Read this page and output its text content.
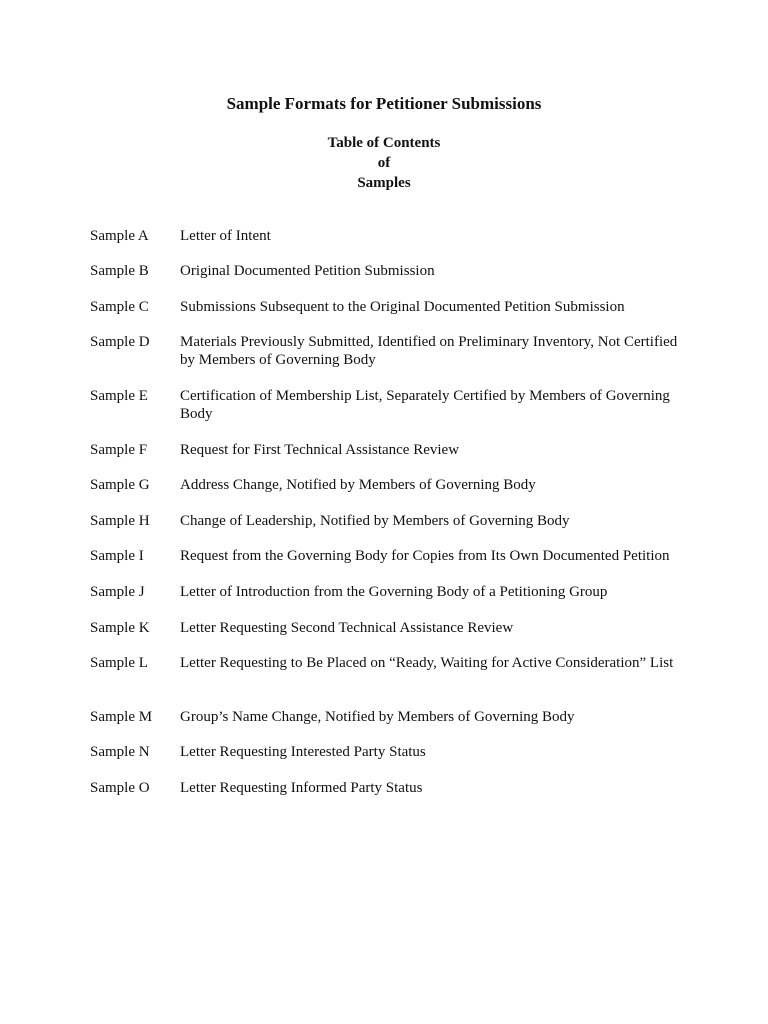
Sample Formats for Petitioner Submissions
Table of Contents
of
Samples
Sample A	Letter of Intent
Sample B	Original Documented Petition Submission
Sample C	Submissions Subsequent to the Original Documented Petition Submission
Sample D	Materials Previously Submitted, Identified on Preliminary Inventory, Not Certified by Members of Governing Body
Sample E	Certification of Membership List, Separately Certified by Members of Governing Body
Sample F	Request for First Technical Assistance Review
Sample G	Address Change, Notified by Members of Governing Body
Sample H	Change of Leadership, Notified by Members of Governing Body
Sample I	Request from the Governing Body for Copies from Its Own Documented Petition
Sample J	Letter of Introduction from the Governing Body of a Petitioning Group
Sample K	Letter Requesting Second Technical Assistance Review
Sample L	Letter Requesting to Be Placed on “Ready, Waiting for Active Consideration” List
Sample M	Group’s Name Change, Notified by Members of Governing Body
Sample N	Letter Requesting Interested Party Status
Sample O	Letter Requesting Informed Party Status
